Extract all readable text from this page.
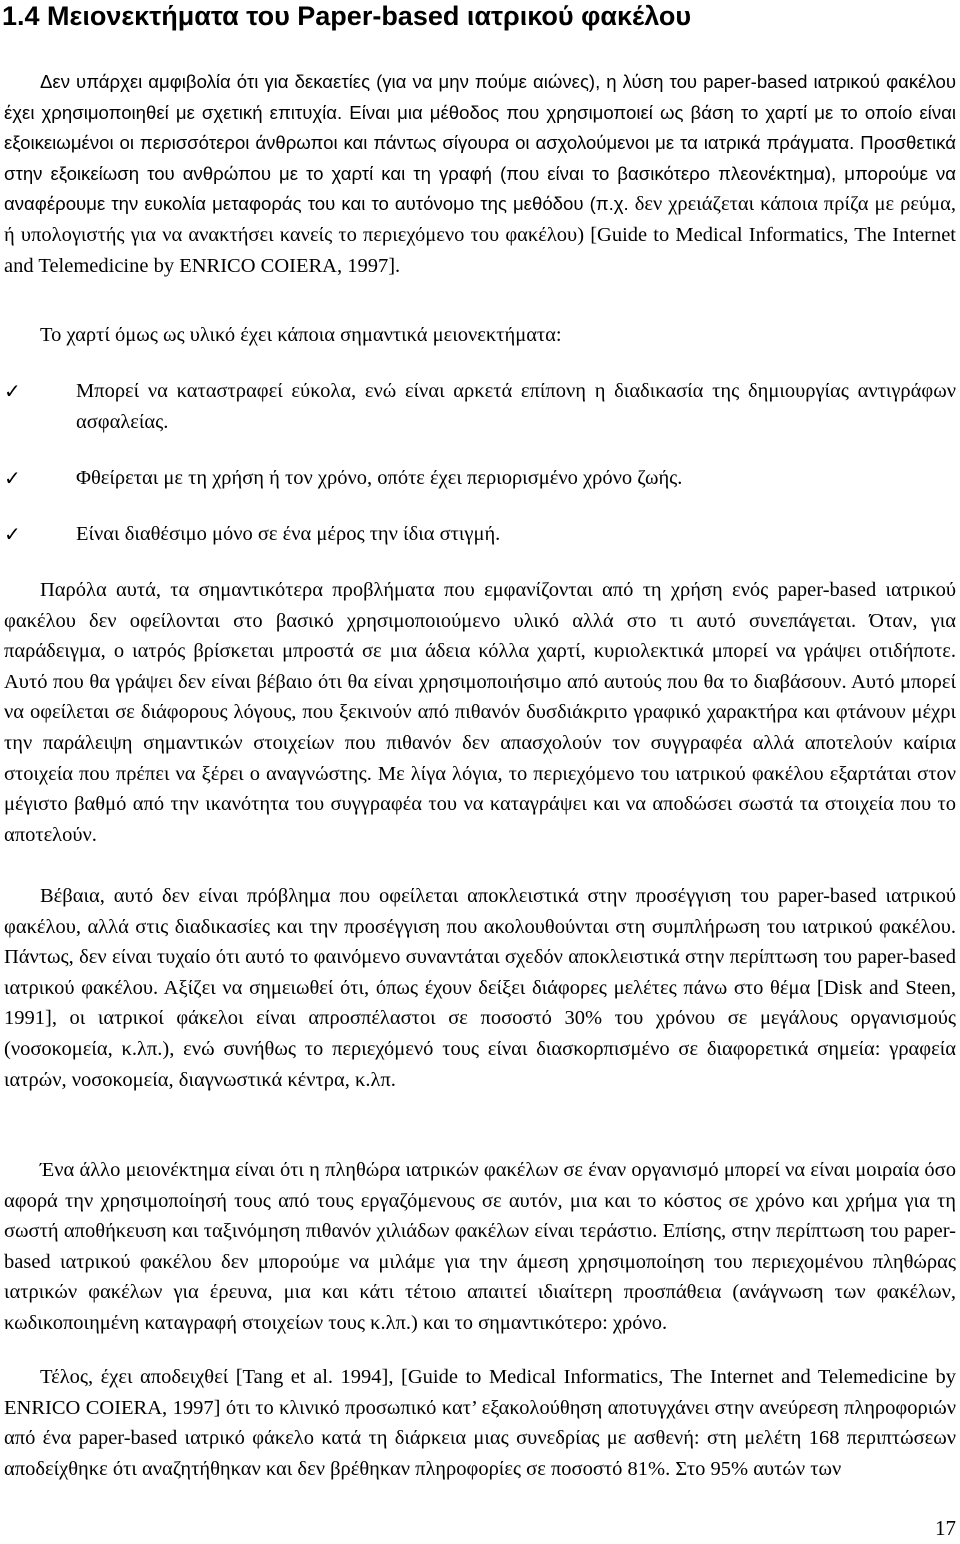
1.4 Μειονεκτήματα του Paper-based ιατρικού φακέλου

Δεν υπάρχει αμφιβολία ότι για δεκαετίες (για να μην πούμε αιώνες), η λύση του paper-based ιατρικού φακέλου έχει χρησιμοποιηθεί με σχετική επιτυχία. Είναι μια μέθοδος που χρησιμοποιεί ως βάση το χαρτί με το οποίο είναι εξοικειωμένοι οι περισσότεροι άνθρωποι και πάντως σίγουρα οι ασχολούμενοι με τα ιατρικά πράγματα. Προσθετικά στην εξοικείωση του ανθρώπου με το χαρτί και τη γραφή (που είναι το βασικότερο πλεονέκτημα), μπορούμε να αναφέρουμε την ευκολία μεταφοράς του και το αυτόνομο της μεθόδου (π.χ. δεν χρειάζεται κάποια πρίζα με ρεύμα, ή υπολογιστής για να ανακτήσει κανείς το περιεχόμενο του φακέλου) [Guide to Medical Informatics, The Internet and Telemedicine by ENRICO COIERA, 1997].

Το χαρτί όμως ως υλικό έχει κάποια σημαντικά μειονεκτήματα:

✓	Μπορεί να καταστραφεί εύκολα, ενώ είναι αρκετά επίπονη η διαδικασία της δημιουργίας αντιγράφων ασφαλείας.
✓	Φθείρεται με τη χρήση ή τον χρόνο, οπότε έχει περιορισμένο χρόνο ζωής.
✓	Είναι διαθέσιμο μόνο σε ένα μέρος την ίδια στιγμή.

Παρόλα αυτά, τα σημαντικότερα προβλήματα που εμφανίζονται από τη χρήση ενός paper-based ιατρικού φακέλου δεν οφείλονται στο βασικό χρησιμοποιούμενο υλικό αλλά στο τι αυτό συνεπάγεται. Όταν, για παράδειγμα, ο ιατρός βρίσκεται μπροστά σε μια άδεια κόλλα χαρτί, κυριολεκτικά μπορεί να γράψει οτιδήποτε. Αυτό που θα γράψει δεν είναι βέβαιο ότι θα είναι χρησιμοποιήσιμο από αυτούς που θα το διαβάσουν. Αυτό μπορεί να οφείλεται σε διάφορους λόγους, που ξεκινούν από πιθανόν δυσδιάκριτο γραφικό χαρακτήρα και φτάνουν μέχρι την παράλειψη σημαντικών στοιχείων που πιθανόν δεν απασχολούν τον συγγραφέα αλλά αποτελούν καίρια στοιχεία που πρέπει να ξέρει ο αναγνώστης. Με λίγα λόγια, το περιεχόμενο του ιατρικού φακέλου εξαρτάται στον μέγιστο βαθμό από την ικανότητα του συγγραφέα του να καταγράψει και να αποδώσει σωστά τα στοιχεία που το αποτελούν.

Βέβαια, αυτό δεν είναι πρόβλημα που οφείλεται αποκλειστικά στην προσέγγιση του paper-based ιατρικού φακέλου, αλλά στις διαδικασίες και την προσέγγιση που ακολουθούνται στη συμπλήρωση του ιατρικού φακέλου. Πάντως, δεν είναι τυχαίο ότι αυτό το φαινόμενο συναντάται σχεδόν αποκλειστικά στην περίπτωση του paper-based ιατρικού φακέλου. Αξίζει να σημειωθεί ότι, όπως έχουν δείξει διάφορες μελέτες πάνω στο θέμα [Disk and Steen, 1991], οι ιατρικοί φάκελοι είναι απροσπέλαστοι σε ποσοστό 30% του χρόνου σε μεγάλους οργανισμούς (νοσοκομεία, κ.λπ.), ενώ συνήθως το περιεχόμενό τους είναι διασκορπισμένο σε διαφορετικά σημεία: γραφεία ιατρών, νοσοκομεία, διαγνωστικά κέντρα, κ.λπ.

Ένα άλλο μειονέκτημα είναι ότι η πληθώρα ιατρικών φακέλων σε έναν οργανισμό μπορεί να είναι μοιραία όσο αφορά την χρησιμοποίησή τους από τους εργαζόμενους σε αυτόν, μια και το κόστος σε χρόνο και χρήμα για τη σωστή αποθήκευση και ταξινόμηση πιθανόν χιλιάδων φακέλων είναι τεράστιο. Επίσης, στην περίπτωση του paper-based ιατρικού φακέλου δεν μπορούμε να μιλάμε για την άμεση χρησιμοποίηση του περιεχομένου πληθώρας ιατρικών φακέλων για έρευνα, μια και κάτι τέτοιο απαιτεί ιδιαίτερη προσπάθεια (ανάγνωση των φακέλων, κωδικοποιημένη καταγραφή στοιχείων τους κ.λπ.) και το σημαντικότερο: χρόνο.

Τέλος, έχει αποδειχθεί [Tang et al. 1994], [Guide to Medical Informatics, The Internet and Telemedicine by ENRICO COIERA, 1997] ότι το κλινικό προσωπικό κατ’ εξακολούθηση αποτυγχάνει στην ανεύρεση πληροφοριών από ένα paper-based ιατρικό φάκελο κατά τη διάρκεια μιας συνεδρίας με ασθενή: στη μελέτη 168 περιπτώσεων αποδείχθηκε ότι αναζητήθηκαν και δεν βρέθηκαν πληροφορίες σε ποσοστό 81%. Στο 95% αυτών των

17
